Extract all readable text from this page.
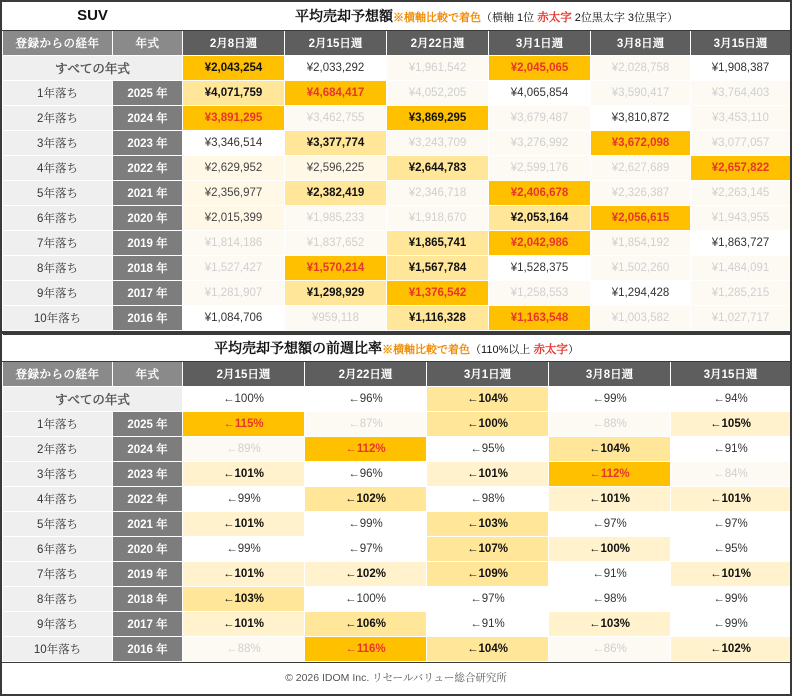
SUV		平均売却予想額※横軸比較で着色（横軸 1位 赤太字 2位黒太字 3位黒字）					
登録からの経年	年式	2月8日週	2月15日週	2月22日週	3月1日週	3月8日週	3月15日週
すべての年式		¥2,043,254	¥2,033,292	¥1,961,542	¥2,045,065	¥2,028,758	¥1,908,387
1年落ち	2025 年	¥4,071,759	¥4,684,417	¥4,052,205	¥4,065,854	¥3,590,417	¥3,764,403
2年落ち	2024 年	¥3,891,295	¥3,462,755	¥3,869,295	¥3,679,487	¥3,810,872	¥3,453,110
3年落ち	2023 年	¥3,346,514	¥3,377,774	¥3,243,709	¥3,276,992	¥3,672,098	¥3,077,057
4年落ち	2022 年	¥2,629,952	¥2,596,225	¥2,644,783	¥2,599,176	¥2,627,689	¥2,657,822
5年落ち	2021 年	¥2,356,977	¥2,382,419	¥2,346,718	¥2,406,678	¥2,326,387	¥2,263,145
6年落ち	2020 年	¥2,015,399	¥1,985,233	¥1,918,670	¥2,053,164	¥2,056,615	¥1,943,955
7年落ち	2019 年	¥1,814,186	¥1,837,652	¥1,865,741	¥2,042,986	¥1,854,192	¥1,863,727
8年落ち	2018 年	¥1,527,427	¥1,570,214	¥1,567,784	¥1,528,375	¥1,502,260	¥1,484,091
9年落ち	2017 年	¥1,281,907	¥1,298,929	¥1,376,542	¥1,258,553	¥1,294,428	¥1,285,215
10年落ち	2016 年	¥1,084,706	¥959,118	¥1,116,328	¥1,163,548	¥1,003,582	¥1,027,717
平均売却予想額の前週比率※横軸比較で着色（110%以上 赤太字）						
登録からの経年	年式	2月15日週	2月22日週	3月1日週	3月8日週	3月15日週
すべての年式		←100%	←96%	←104%	←99%	←94%
1年落ち	2025 年	←115%	←87%	←100%	←88%	←105%
2年落ち	2024 年	←89%	←112%	←95%	←104%	←91%
3年落ち	2023 年	←101%	←96%	←101%	←112%	←84%
4年落ち	2022 年	←99%	←102%	←98%	←101%	←101%
5年落ち	2021 年	←101%	←99%	←103%	←97%	←97%
6年落ち	2020 年	←99%	←97%	←107%	←100%	←95%
7年落ち	2019 年	←101%	←102%	←109%	←91%	←101%
8年落ち	2018 年	←103%	←100%	←97%	←98%	←99%
9年落ち	2017 年	←101%	←106%	←91%	←103%	←99%
10年落ち	2016 年	←88%	←116%	←104%	←86%	←102%
© 2026 IDOM Inc. リセールバリュー総合研究所
